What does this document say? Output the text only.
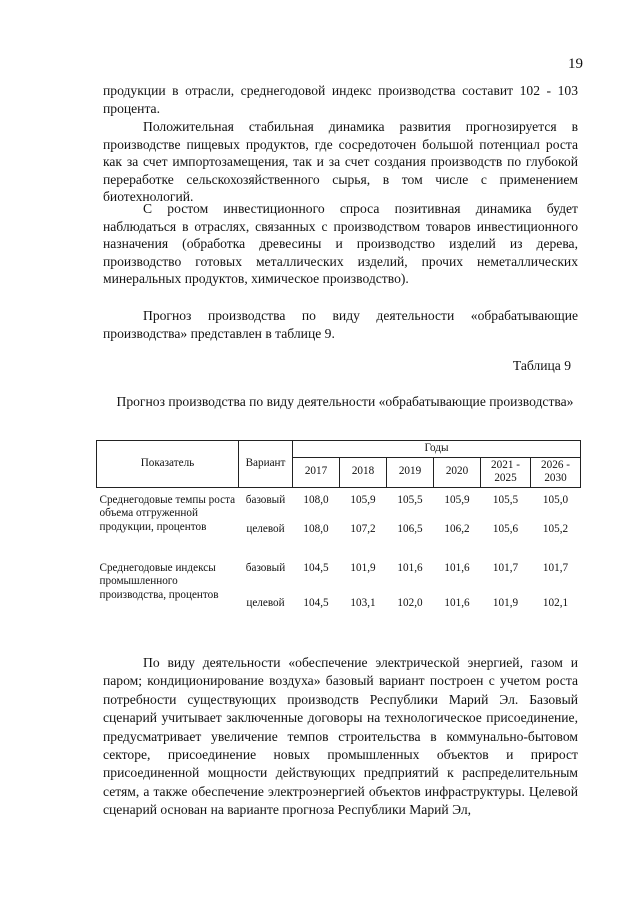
19

продукции в отрасли, среднегодовой индекс производства составит 102 - 103 процента.

Положительная стабильная динамика развития прогнозируется в производстве пищевых продуктов, где сосредоточен большой потенциал роста как за счет импортозамещения, так и за счет создания производств по глубокой переработке сельскохозяйственного сырья, в том числе с применением биотехнологий.

С ростом инвестиционного спроса позитивная динамика будет наблюдаться в отраслях, связанных с производством товаров инвестиционного назначения (обработка древесины и производство изделий из дерева, производство готовых металлических изделий, прочих неметаллических минеральных продуктов, химическое производство).

Прогноз производства по виду деятельности «обрабатывающие производства» представлен в таблице 9.

Таблица 9
Прогноз производства по виду деятельности «обрабатывающие производства»
Показатель	Вариант	Годы					
		2017	2018	2019	2020	2021 - 2025	2026 - 2030

Среднегодовые темпы роста объема отгруженной продукции, процентов	базовый	108,0	105,9	105,5	105,9	105,5	105,0
	целевой	108,0	107,2	106,5	106,2	105,6	105,2

Среднегодовые индексы промышленного производства, процентов	базовый	104,5	101,9	101,6	101,6	101,7	101,7
	целевой	104,5	103,1	102,0	101,6	101,9	102,1

По виду деятельности «обеспечение электрической энергией, газом и паром; кондиционирование воздуха» базовый вариант построен с учетом роста потребности существующих производств Республики Марий Эл. Базовый сценарий учитывает заключенные договоры на технологическое присоединение, предусматривает увеличение темпов строительства в коммунально-бытовом секторе, присоединение новых промышленных объектов и прирост присоединенной мощности действующих предприятий к распределительным сетям, а также обеспечение электроэнергией объектов инфраструктуры. Целевой сценарий основан на варианте прогноза Республики Марий Эл,
